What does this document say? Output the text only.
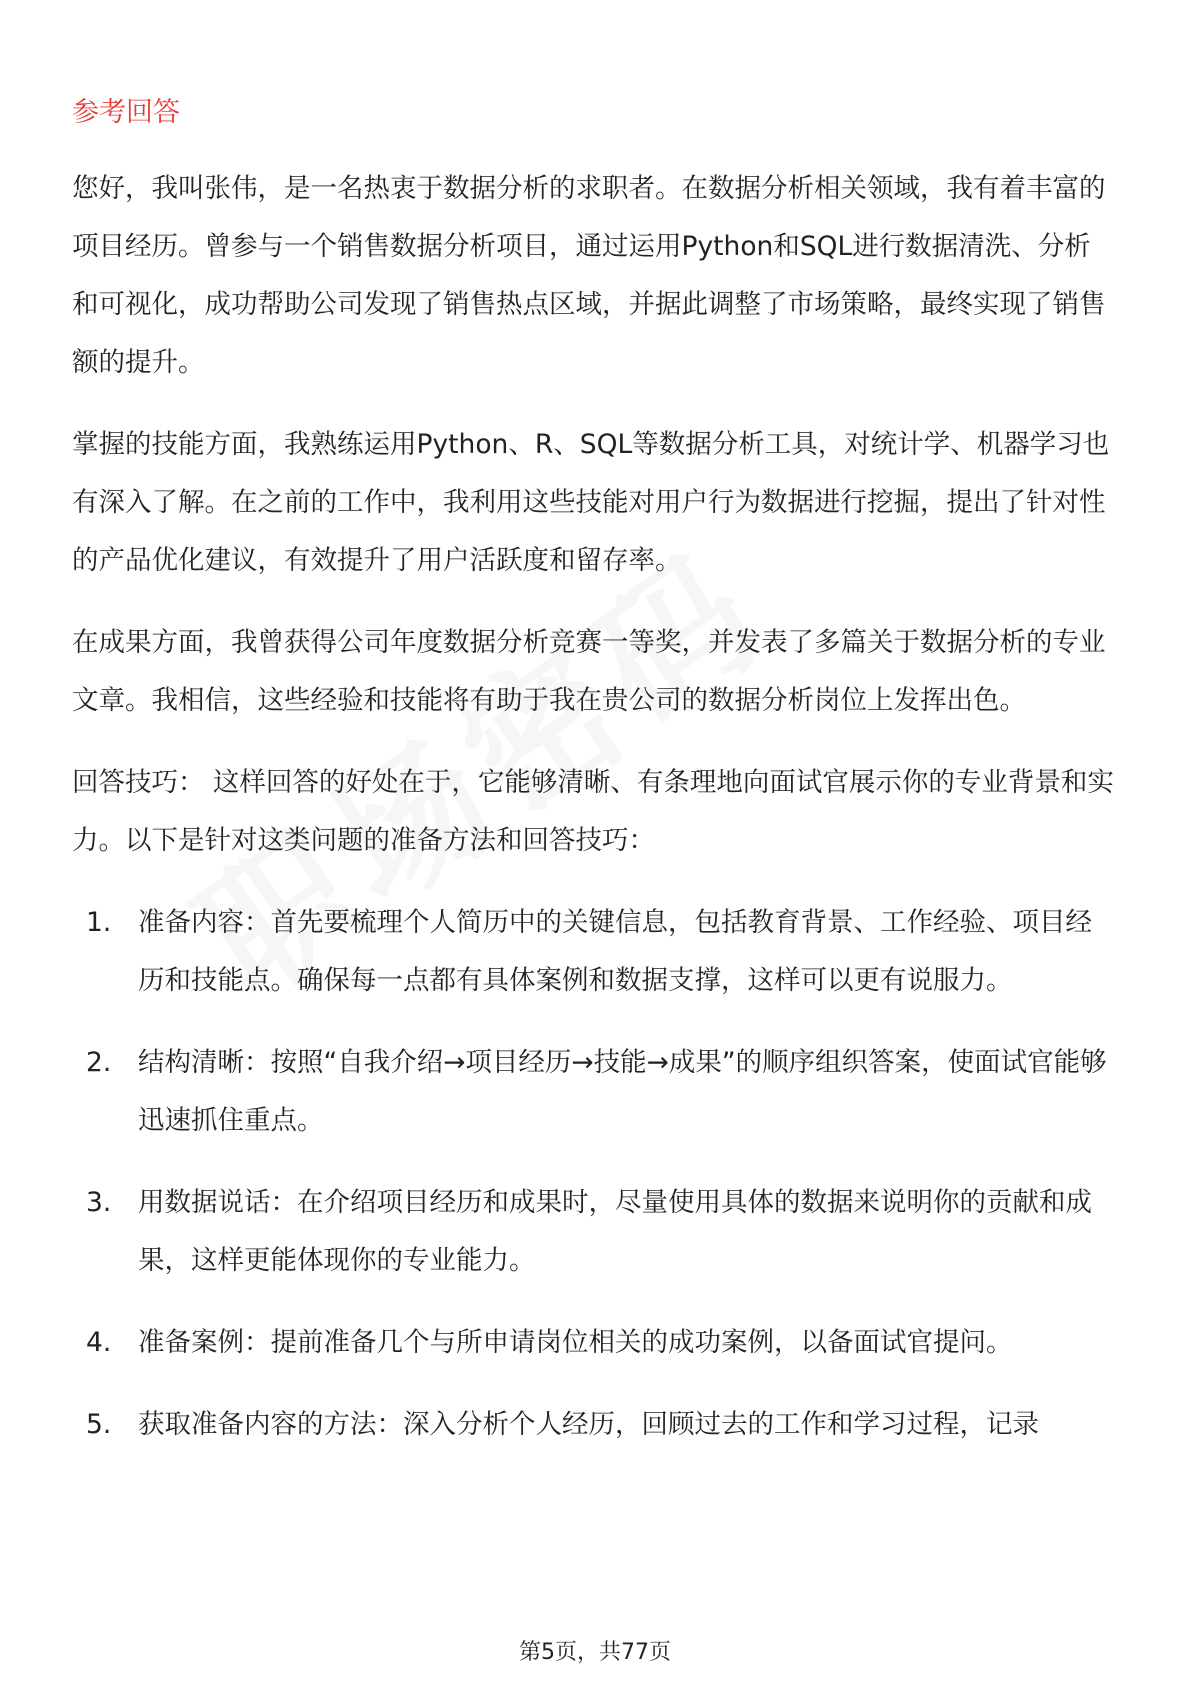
参考回答

您好，我叫张伟，是一名热衷于数据分析的求职者。在数据分析相关领域，我有着丰富的项目经历。曾参与一个销售数据分析项目，通过运用Python和SQL进行数据清洗、分析和可视化，成功帮助公司发现了销售热点区域，并据此调整了市场策略，最终实现了销售额的提升。

掌握的技能方面，我熟练运用Python、R、SQL等数据分析工具，对统计学、机器学习也有深入了解。在之前的工作中，我利用这些技能对用户行为数据进行挖掘，提出了针对性的产品优化建议，有效提升了用户活跃度和留存率。

在成果方面，我曾获得公司年度数据分析竞赛一等奖，并发表了多篇关于数据分析的专业文章。我相信，这些经验和技能将有助于我在贵公司的数据分析岗位上发挥出色。

回答技巧： 这样回答的好处在于，它能够清晰、有条理地向面试官展示你的专业背景和实力。以下是针对这类问题的准备方法和回答技巧：

1.	准备内容：首先要梳理个人简历中的关键信息，包括教育背景、工作经验、项目经历和技能点。确保每一点都有具体案例和数据支撑，这样可以更有说服力。
2.	结构清晰：按照“自我介绍→项目经历→技能→成果”的顺序组织答案，使面试官能够迅速抓住重点。
3.	用数据说话：在介绍项目经历和成果时，尽量使用具体的数据来说明你的贡献和成果，这样更能体现你的专业能力。
4.	准备案例：提前准备几个与所申请岗位相关的成功案例，以备面试官提问。
5.	获取准备内容的方法：深入分析个人经历，回顾过去的工作和学习过程，记录
第5页，共77页
